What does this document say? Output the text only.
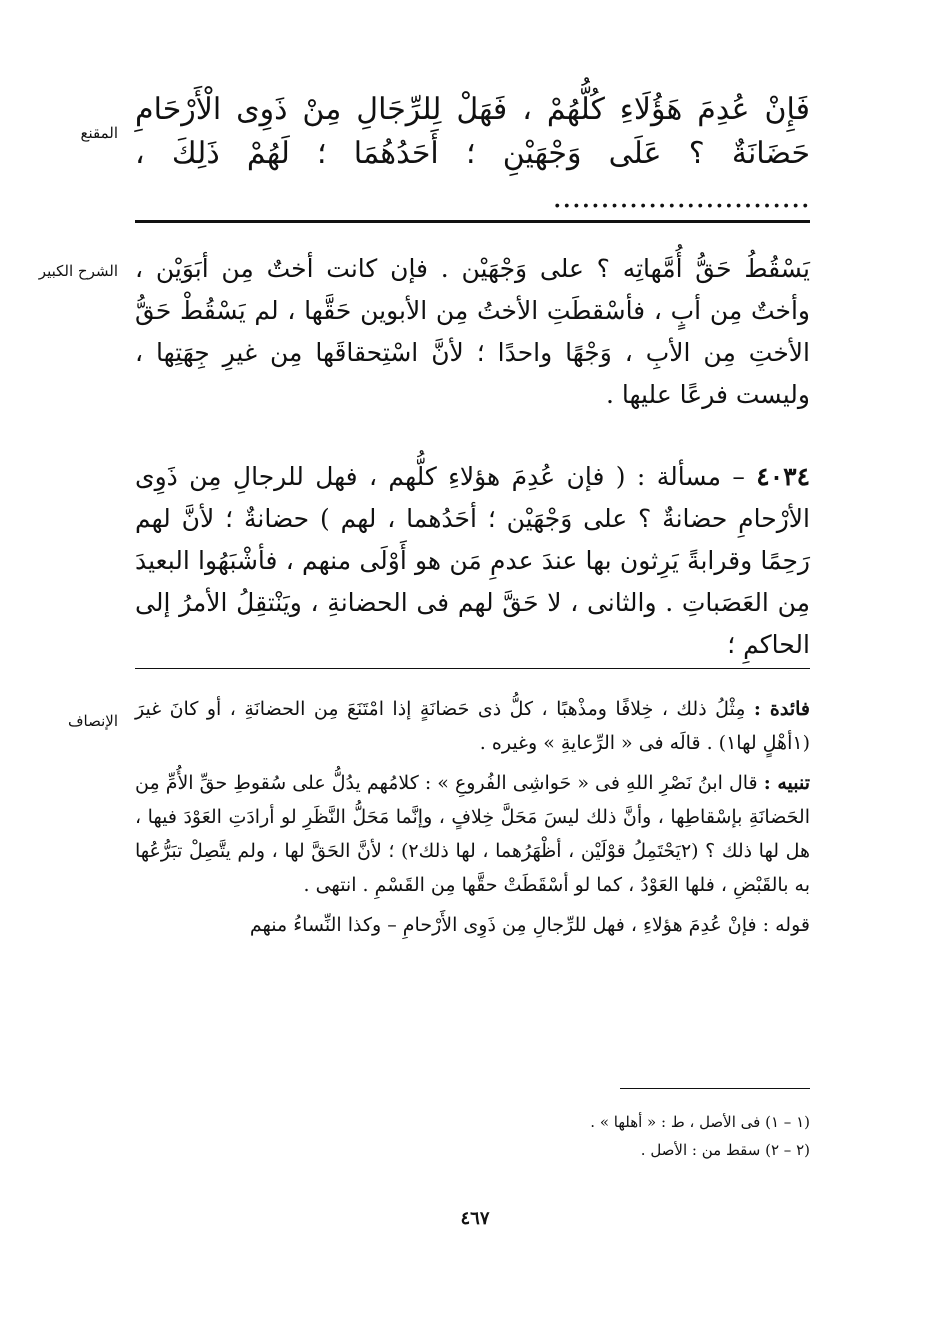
المقنع

فَإِنْ عُدِمَ هَؤُلَاءِ كُلُّهُمْ ، فَهَلْ لِلرِّجَالِ مِنْ ذَوِى الْأَرْحَامِ حَضَانَةٌ ؟ عَلَى وَجْهَيْنِ ؛ أَحَدُهُمَا ؛ لَهُمْ ذَلِكَ ، ...........................

الشرح الكبير يَسْقُطُ حَقُّ أُمَّهاتِه ؟ على وَجْهَيْن . فإن كانت أختٌ مِن أبَوَيْن ، وأختٌ مِن أبٍ ، فأسْقطَتِ الأختُ مِن الأبوين حَقَّها ، لم يَسْقُطْ حَقُّ الأختِ مِن الأبِ ، وَجْهًا واحدًا ؛ لأنَّ اسْتِحقاقَها مِن غيرِ جِهَتِها ، وليست فرعًا عليها .

٤٠٣٤ – مسألة : ( فإن عُدِمَ هؤلاءِ كلُّهم ، فهل للرجالِ مِن ذَوِى الأرْحامِ حضانةٌ ؟ على وَجْهَيْن ؛ أحَدُهما ، لهم ) حضانةٌ ؛ لأنَّ لهم رَحِمًا وقرابةً يَرِثون بها عندَ عدمِ مَن هو أَوْلَى منهم ، فأشْبَهُوا البعيدَ مِن العَصَباتِ . والثانى ، لا حَقَّ لهم فى الحضانةِ ، ويَنْتقِلُ الأمرُ إلى الحاكمِ ؛

الإنصاف

فائدة : مِثْلُ ذلك ، خِلافًا ومذْهبًا ، كلُّ ذى حَضانَةٍ إذا امْتَنَعَ مِن الحضانَةِ ، أو كانَ غيرَ (١أهْلٍ لها١) . قالَه فى « الرِّعايةِ » وغيره .

تنبيه : قال ابنُ نَصْرِ اللهِ فى « حَواشِى الفُروعِ » : كلامُهم يدُلُّ على سُقوطِ حقِّ الأُمِّ مِن الحَضانَةِ بإسْقاطِها ، وأنَّ ذلك ليسَ مَحَلَّ خِلافٍ ، وإنَّما مَحَلُّ النَّظَرِ لو أرادَتِ العَوْدَ فيها ، هل لها ذلك ؟ (٢يَحْتَمِلُ قوْلَيْن ، أظْهَرُهما ، لها ذلك٢) ؛ لأنَّ الحَقَّ لها ، ولم يتَّصِلْ تبَرُّعُها به بالقَبْضِ ، فلها العَوْدُ ، كما لو أسْقَطَتْ حقَّها مِن القَسْمِ . انتهى .

قوله : فإنْ عُدِمَ هؤلاءِ ، فهل للرِّجالِ مِن ذَوِى الأَرْحامِ – وكذا النِّساءُ منهم

(١ – ١) فى الأصل ، ط : « أهلها » .

(٢ – ٢) سقط من : الأصل .

٤٦٧
